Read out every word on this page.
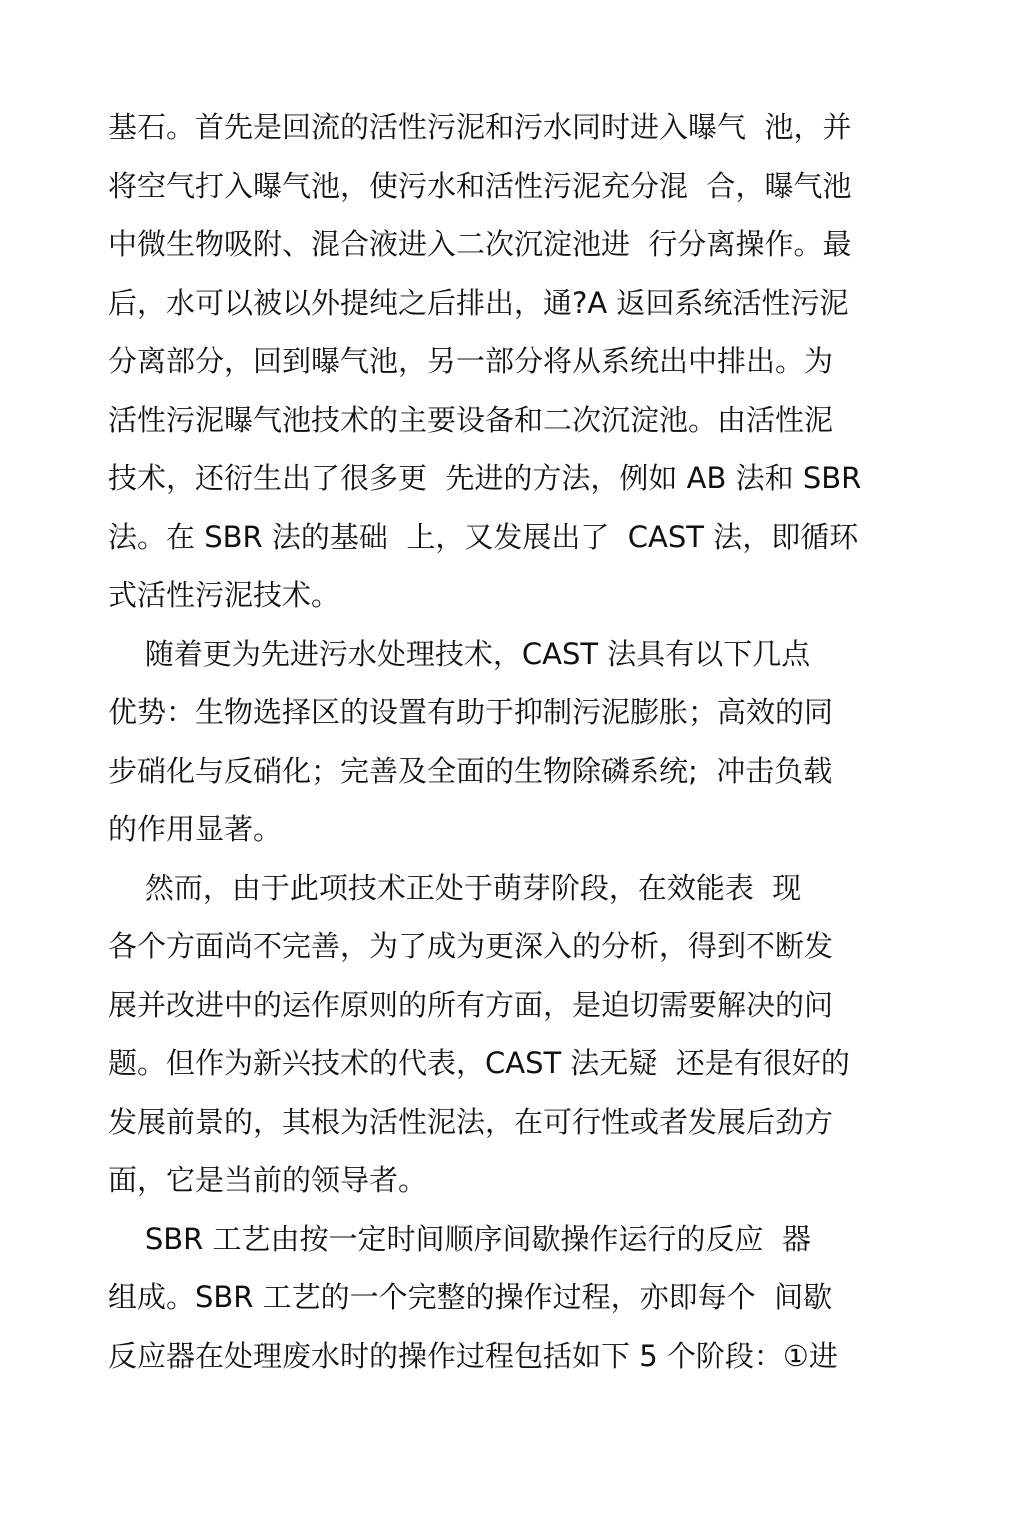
基石。首先是回流的活性污泥和污水同时进入曝气  池，并
将空气打入曝气池，使污水和活性污泥充分混  合，曝气池
中微生物吸附、混合液进入二次沉淀池进  行分离操作。最
后，水可以被以外提纯之后排出，通?A 返回系统活性污泥
分离部分，回到曝气池，另一部分将从系统出中排出。为
活性污泥曝气池技术的主要设备和二次沉淀池。由活性泥
技术，还衍生出了很多更  先进的方法，例如 AB 法和 SBR
法。在 SBR 法的基础  上，又发展出了  CAST 法，即循环
式活性污泥技术。
随着更为先进污水处理技术，CAST 法具有以下几点
优势：生物选择区的设置有助于抑制污泥膨胀；高效的同
步硝化与反硝化；完善及全面的生物除磷系统;  冲击负载
的作用显著。
然而，由于此项技术正处于萌芽阶段，在效能表  现
各个方面尚不完善，为了成为更深入的分析，得到不断发
展并改进中的运作原则的所有方面，是迫切需要解决的问
题。但作为新兴技术的代表，CAST 法无疑  还是有很好的
发展前景的，其根为活性泥法，在可行性或者发展后劲方
面，它是当前的领导者。
SBR 工艺由按一定时间顺序间歇操作运行的反应  器
组成。SBR 工艺的一个完整的操作过程，亦即每个  间歇
反应器在处理废水时的操作过程包括如下 5 个阶段：①进
